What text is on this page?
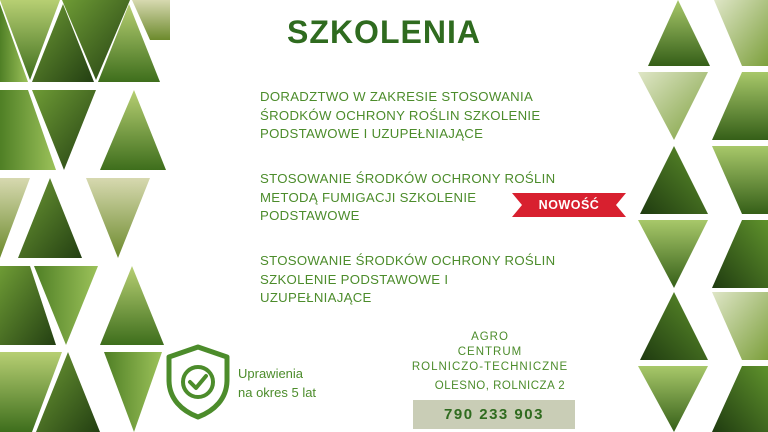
SZKOLENIA
DORADZTWO W ZAKRESIE STOSOWANIA
ŚRODKÓW OCHRONY ROŚLIN SZKOLENIE
PODSTAWOWE I UZUPEŁNIAJĄCE
STOSOWANIE ŚRODKÓW OCHRONY ROŚLIN
METODĄ FUMIGACJI SZKOLENIE
PODSTAWOWE
STOSOWANIE ŚRODKÓW OCHRONY ROŚLIN
SZKOLENIE PODSTAWOWE I UZUPEŁNIAJĄCE
NOWOŚĆ
Uprawienia
na okres 5 lat
AGRO
CENTRUM
ROLNICZO-TECHNICZNE
OLESNO, ROLNICZA 2
790 233 903
